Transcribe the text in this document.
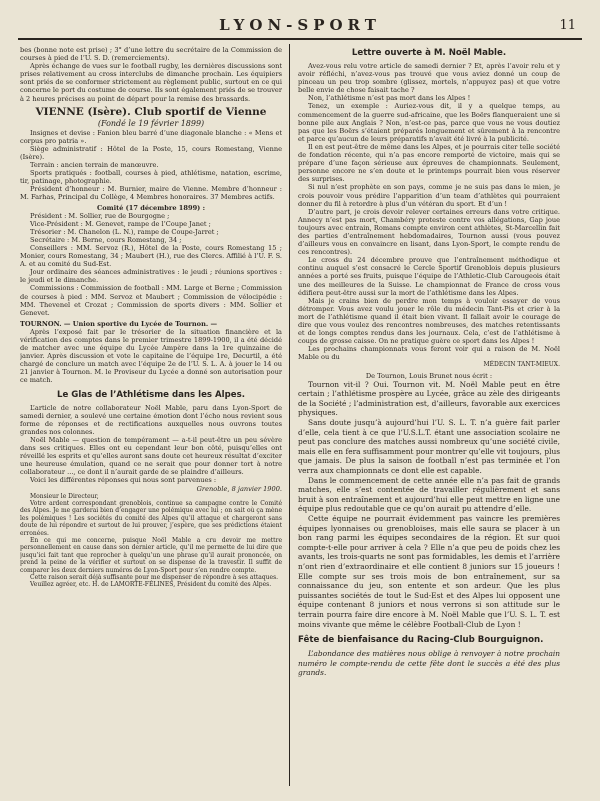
LYON-SPORT	11

bes (bonne note est prise) ; 3° d’une lettre du secrétaire de la Commission de courses à pied de l’U. S. D. (remerciements).

Après échange de vues sur le football rugby, les dernières discussions sont prises relativement au cross interclubs de dimanche prochain. Les équipiers sont priés de se conformer strictement au règlement public, surtout en ce qui concerne le port du costume de course. Ils sont également priés de se trouver à 2 heures précises au point de départ pour la remise des brassards.

VIENNE (Isère). Club sportif de Vienne

(Fondé le 19 février 1899)

Insignes et devise : Fanion bleu barré d’une diagonale blanche : « Mens et corpus pro patria ».

Siège administratif : Hôtel de la Poste, 15, cours Romestang, Vienne (Isère).

Terrain : ancien terrain de manœuvre.

Sports pratiqués : football, courses à pied, athlétisme, natation, escrime, tir, patinage, photographie.

Président d’honneur : M. Burnier, maire de Vienne. Membre d’honneur : M. Farhas, Principal du Collège, 4 Membres honoraires. 37 Membres actifs.

Comité (17 décembre 1899) :

Président : M. Sollier, rue de Bourgogne ;

Vice-Président : M. Genevet, rampe de l’Coupe Janet ;

Trésorier : M. Chanelon (L. N.), rampe de Coupe-Jarret ;

Secrétaire : M. Berne, cours Romestang, 34 ;

Conseillers : MM. Servoz (R.), Hôtel de la Poste, cours Romestang 15 ; Monier, cours Romestang, 34 ; Maubert (H.), rue des Clercs. Affilié à l’U. F. S. A. et au comité du Sud-Est.

Jour ordinaire des séances administratives : le jeudi ; réunions sportives : le jeudi et le dimanche.

Commissions : Commission de football : MM. Large et Berne ; Commission de courses à pied : MM. Servoz et Maubert ; Commission de vélocipédie : MM. Thevenel et Crozat ; Commission de sports divers : MM. Sollier et Genevet.

TOURNON. — Union sportive du Lycée de Tournon. —

Après l’exposé fait par le trésorier de la situation financière et la vérification des comptes dans le premier trimestre 1899-1900, il a été décidé de matcher avec une équipe du Lycée Ampère dans la 1re quinzaine de janvier. Après discussion et vote le capitaine de l’équipe 1re, Decurtil, a été chargé de conclure un match avec l’équipe 2e de l’U. S. L. A. à jouer le 14 ou 21 janvier à Tournon. M. le Proviseur du Lycée a donné son autorisation pour ce match.

Le Glas de l’Athlétisme dans les Alpes.

L’article de notre collaborateur Noël Mable, paru dans Lyon-Sport de samedi dernier, a soulevé une certaine émotion dont l’écho nous revient sous forme de réponses et de rectifications auxquelles nous ouvrons toutes grandes nos colonnes.

Noël Mable — question de tempérament — a-t-il peut-être un peu sévère dans ses critiques. Elles ont eu cependant leur bon côté, puisqu’elles ont réveillé les esprits et qu’elles auront sans doute cet heureux résultat d’exciter une heureuse émulation, quand ce ne serait que pour donner tort à notre collaborateur ..., ce dont il n’aurait garde de se plaindre d’ailleurs.

Voici les différentes réponses qui nous sont parvenues :

Grenoble, 8 janvier 1900.

Monsieur le Directeur,

Votre ardent correspondant grenoblois, continue sa campagne contre le Comité des Alpes. Je me garderai bien d’engager une polémique avec lui ; on sait où ça mène les polémiques ! Les sociétés du comité des Alpes qu’il attaque et chargeront sans doute de lui répondre et surtout de lui prouver, j’espère, que ses prédictions étaient erronées.

En ce qui me concerne, puisque Noël Mable a cru devoir me mettre personnellement en cause dans son dernier article, qu’il me permette de lui dire que jusqu’ici fait tant que reprocher à quelqu’un une phrase qu’il aurait prononcée, on prend la peine de la vérifier et surtout on se dispense de la travestir. Il suffit de comparer les deux derniers numéros de Lyon-Sport pour s’en rendre compte.

Cette raison serait déjà suffisante pour me dispenser de répondre à ses attaques.

Veuillez agréer, etc. H. de LAMORTE-FÉLINES, Président du comité des Alpes.

Lettre ouverte à M. Noël Mable.

Avez-vous relu votre article de samedi dernier ? Et, après l’avoir relu et y avoir réfléchi, n’avez-vous pas trouvé que vous aviez donné un coup de pinceau un peu trop sombre (glissez, mortels, n’appuyez pas) et que votre belle envie de chose faisait tache ?

Non, l’athlétisme n’est pas mort dans les Alpes !

Tenez, un exemple : Auriez-vous dit, il y a quelque temps, au commencement de la guerre sud-africaine, que les Boërs flanqueraient une si bonne pile aux Anglais ? Non, n’est-ce pas, parce que vous ne vous doutiez pas que les Boërs s’étaient préparés longuement et sûrement à la rencontre et parce qu’aucun de leurs préparatifs n’avait été livré à la publicité.

Il en est peut-être de même dans les Alpes, et je pourrais citer telle société de fondation récente, qui n’a pas encore remporté de victoire, mais qui se prépare d’une façon sérieuse aux épreuves de championnats. Seulement, personne encore ne s’en doute et le printemps pourrait bien vous réserver des surprises.

Si nul n’est prophète en son pays, comme je ne suis pas dans le mien, je crois pouvoir vous prédire l’apparition d’un team d’athlètes qui pourraient donner du fil à retordre à plus d’un vétéran du sport. Et d’un !

D’autre part, je crois devoir relever certaines erreurs dans votre critique. Annecy n’est pas mort, Chambéry proteste contre vos allégations, Gap joue toujours avec entrain, Romans compte environ cent athlètes, St-Marcellin fait des parties d’entraînement hebdomadaires, Tournon aussi (vous pouvez d’ailleurs vous en convaincre en lisant, dans Lyon-Sport, le compte rendu de ces rencontres).

Le cross du 24 décembre prouve que l’entraînement méthodique et continu auquel s’est consacré le Cercle Sportif Grenoblois depuis plusieurs années a porté ses fruits, puisque l’équipe de l’Athletic-Club Carougeois était une des meilleures de la Suisse. Le championnat de France de cross vous édifiera peut-être aussi sur la mort de l’athlétisme dans les Alpes.

Mais je crains bien de perdre mon temps à vouloir essayer de vous détromper. Vous avez voulu jouer le rôle du médecin Tant-Pis et crier à la mort de l’athlétisme quand il était bien vivant. Il fallait avoir le courage de dire que vous voulez des rencontres nombreuses, des matches retentissants et de longs comptes rendus dans les journaux. Cela, c’est de l’athlétisme à coups de grosse caisse. On ne pratique guère ce sport dans les Alpes !

Les prochains championnats vous feront voir qui a raison de M. Noël Mable ou du

MÉDECIN TANT-MIEUX.

De Tournon, Louis Brunet nous écrit :

Tournon vit-il ? Oui. Tournon vit. M. Noël Mable peut en être certain ; l’athlétisme prospère au Lycée, grâce au zèle des dirigeants de la Société ; l’administration est, d’ailleurs, favorable aux exercices physiques.

Sans doute jusqu’à aujourd’hui l’U. S. L. T. n’a guère fait parler d’elle, cela tient à ce que l’U.S.L.T. étant une association scolaire ne peut pas conclure des matches aussi nombreux qu’une société civile, mais elle en fera suffisamment pour montrer qu’elle vit toujours, plus que jamais. De plus la saison de football n’est pas terminée et l’on verra aux championnats ce dont elle est capable.

Dans le commencement de cette année elle n’a pas fait de grands matches, elle s’est contentée de travailler régulièrement et sans bruit à son entraînement et aujourd’hui elle peut mettre en ligne une équipe plus redoutable que ce qu’on aurait pu attendre d’elle.

Cette équipe ne pourrait évidemment pas vaincre les premières équipes lyonnaises ou grenobloises, mais elle saura se placer à un bon rang parmi les équipes secondaires de la région. Et sur quoi compte-t-elle pour arriver à cela ? Elle n’a que peu de poids chez les avants, les trois-quarts ne sont pas formidables, les demis et l’arrière n’ont rien d’extraordinaire et elle contient 8 juniors sur 15 joueurs ! Elle compte sur ses trois mois de bon entraînement, sur sa connaissance du jeu, son entente et son ardeur. Que les plus puissantes sociétés de tout le Sud-Est et des Alpes lui opposent une équipe contenant 8 juniors et nous verrons si son attitude sur le terrain pourra faire dire encore à M. Noël Mable que l’U. S. L. T. est moins vivante que même le célèbre Football-Club de Lyon !

Fête de bienfaisance du Racing-Club Bourguignon.

L’abondance des matières nous oblige à renvoyer à notre prochain numéro le compte-rendu de cette fête dont le succès a été des plus grands.
